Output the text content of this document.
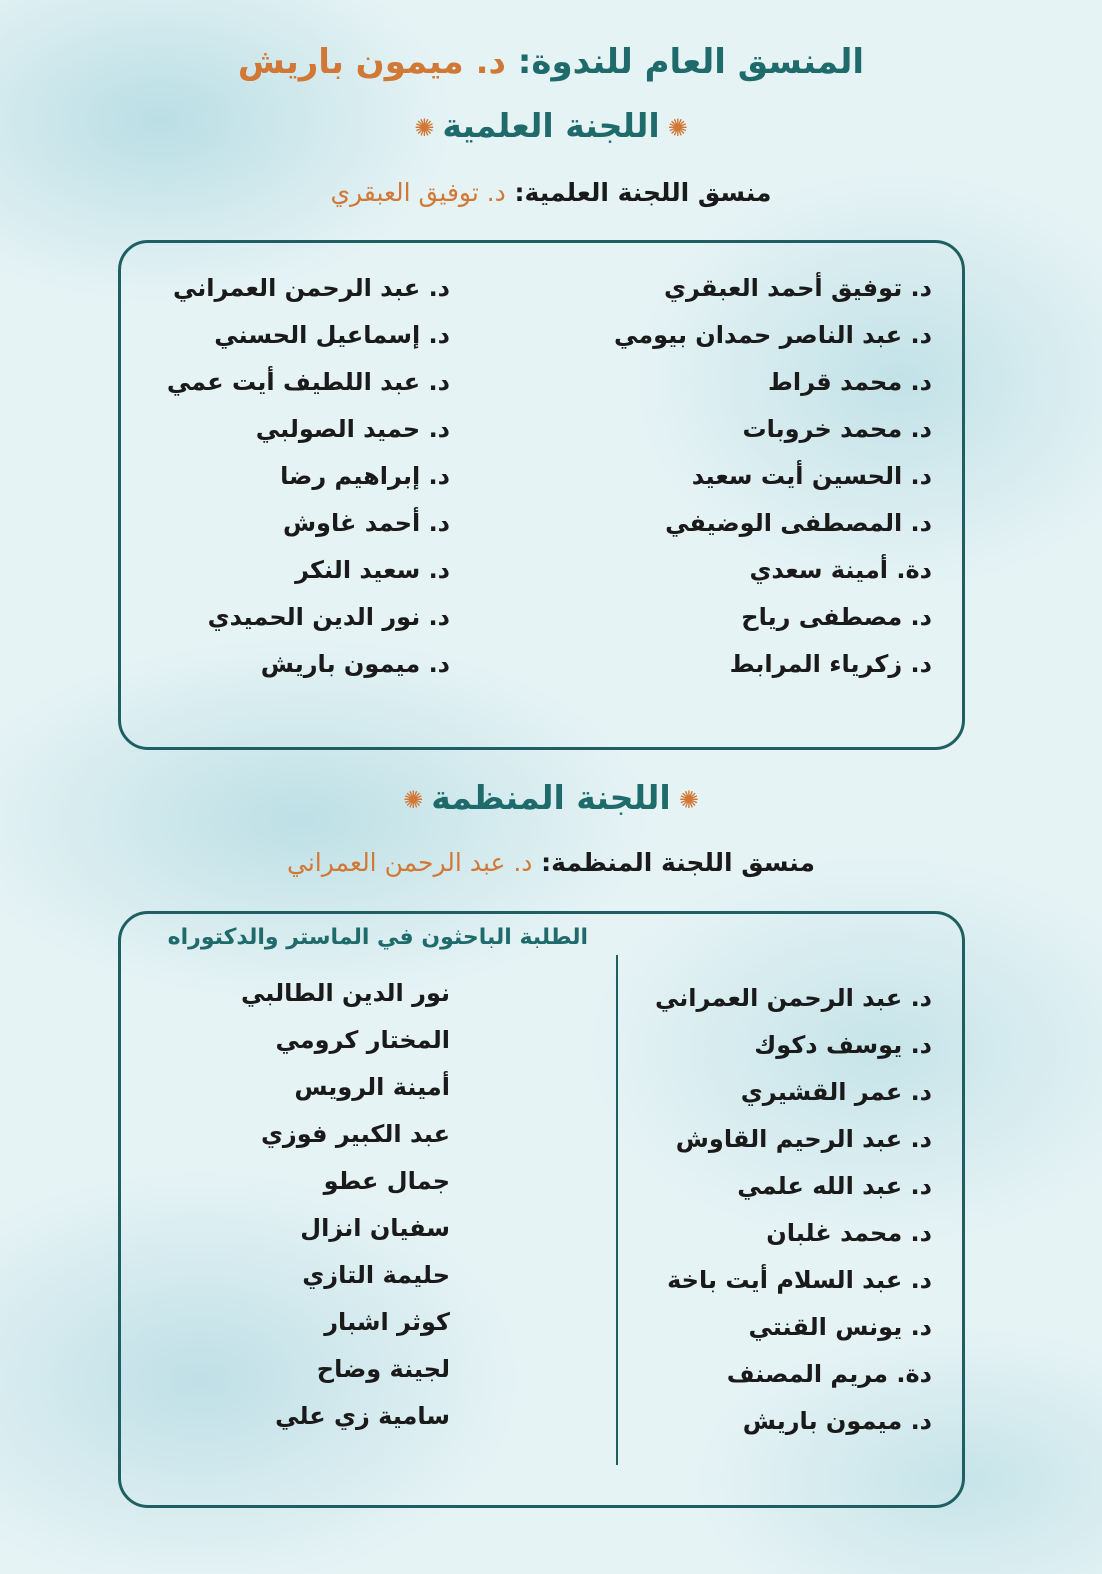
المنسق العام للندوة: د. ميمون باريش
✺اللجنة العلمية✺
منسق اللجنة العلمية: د. توفيق العبقري
د. توفيق أحمد العبقري
د. عبد الناصر حمدان بيومي
د. محمد قراط
د. محمد خروبات
د. الحسين أيت سعيد
د. المصطفى الوضيفي
دة. أمينة سعدي
د. مصطفى رياح
د. زكرياء المرابط
د. عبد الرحمن العمراني
د. إسماعيل الحسني
د. عبد اللطيف أيت عمي
د. حميد الصولبي
د. إبراهيم رضا
د. أحمد غاوش
د. سعيد النكر
د. نور الدين الحميدي
د. ميمون باريش
✺اللجنة المنظمة✺
منسق اللجنة المنظمة: د. عبد الرحمن العمراني
الطلبة الباحثون في الماستر والدكتوراه
د. عبد الرحمن العمراني
د. يوسف دكوك
د. عمر القشيري
د. عبد الرحيم القاوش
د. عبد الله علمي
د. محمد غلبان
د. عبد السلام أيت باخة
د. يونس القنتي
دة. مريم المصنف
د. ميمون باريش
نور الدين الطالبي
المختار كرومي
أمينة الرويس
عبد الكبير فوزي
جمال عطو
سفيان انزال
حليمة التازي
كوثر اشبار
لجينة وضاح
سامية زي علي
